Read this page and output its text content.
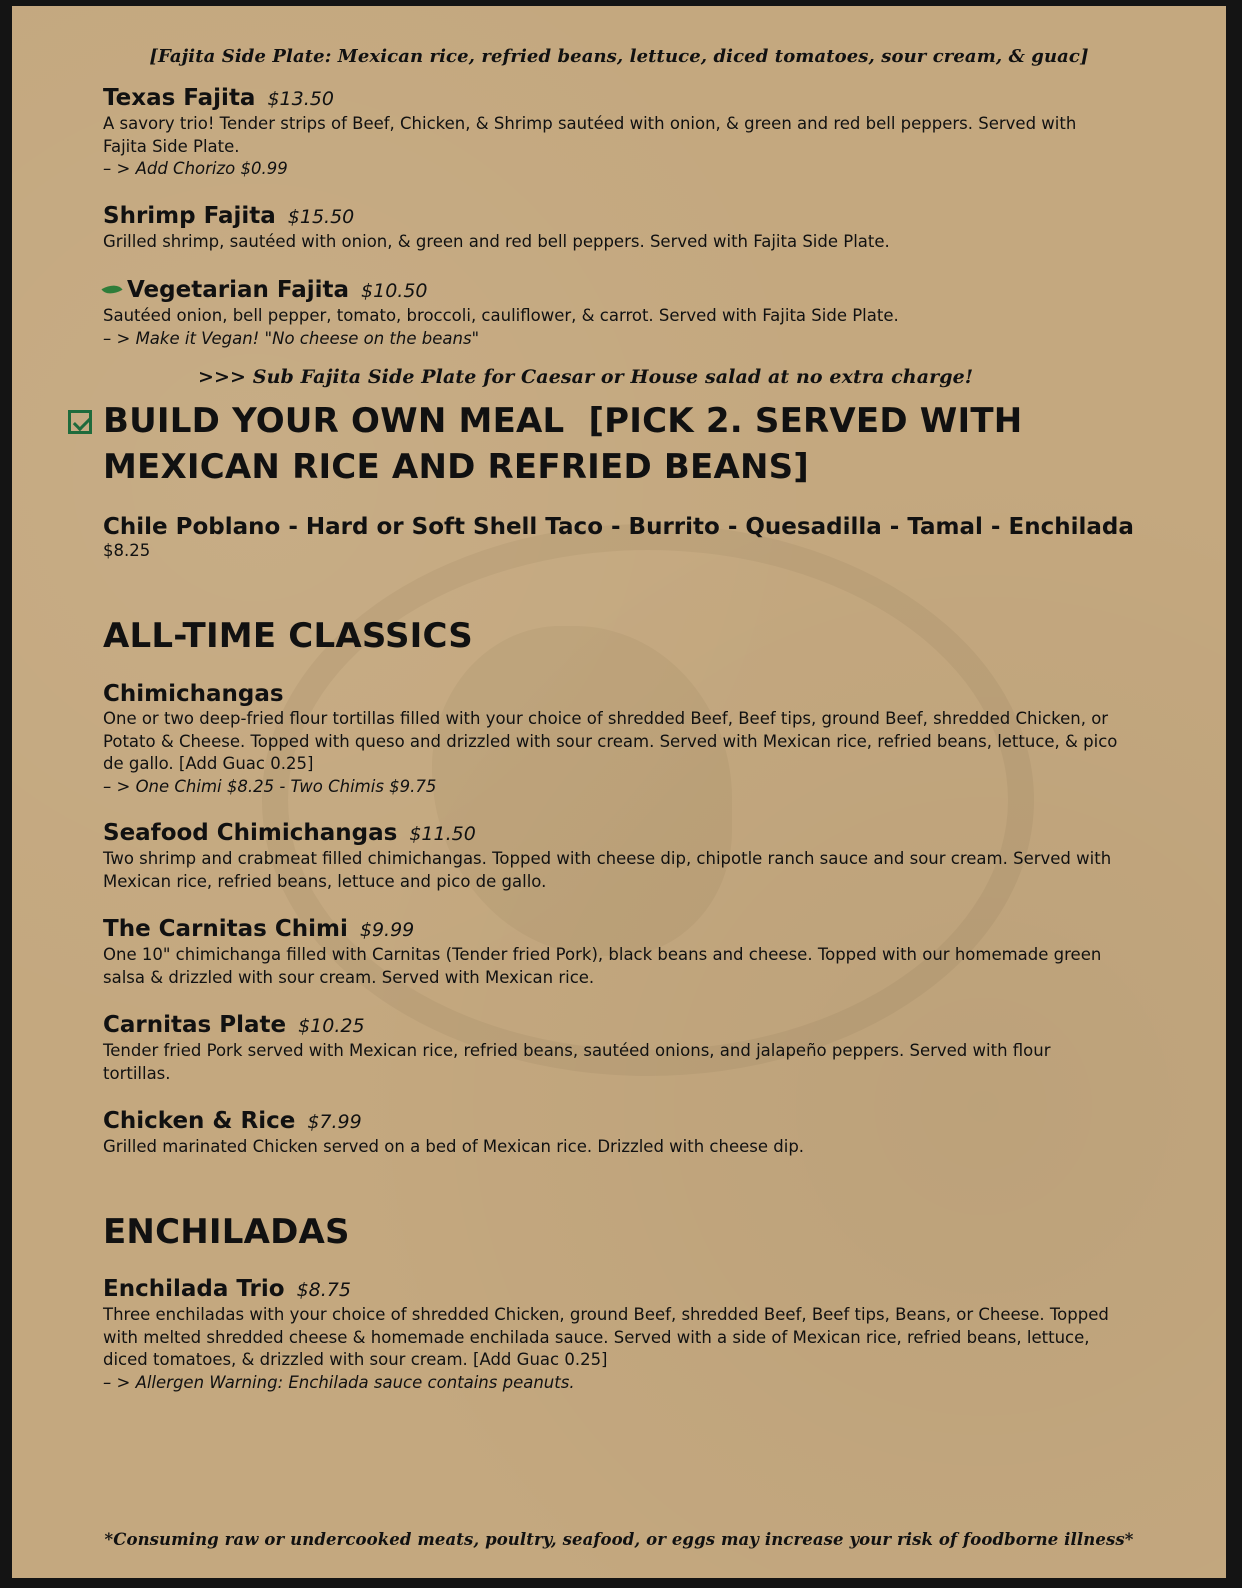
[Fajita Side Plate: Mexican rice, refried beans, lettuce, diced tomatoes, sour cream, & guac]
Texas Fajita $13.50
A savory trio! Tender strips of Beef, Chicken, & Shrimp sautéed with onion, & green and red bell peppers. Served with Fajita Side Plate.
– > Add Chorizo $0.99
Shrimp Fajita $15.50
Grilled shrimp, sautéed with onion, & green and red bell peppers. Served with Fajita Side Plate.
Vegetarian Fajita $10.50
Sautéed onion, bell pepper, tomato, broccoli, cauliflower, & carrot. Served with Fajita Side Plate.
– > Make it Vegan! "No cheese on the beans"
>>> Sub Fajita Side Plate for Caesar or House salad at no extra charge!
BUILD YOUR OWN MEAL  [PICK 2. SERVED WITH
MEXICAN RICE AND REFRIED BEANS]
Chile Poblano - Hard or Soft Shell Taco - Burrito - Quesadilla - Tamal - Enchilada
$8.25
ALL-TIME CLASSICS
Chimichangas
One or two deep-fried flour tortillas filled with your choice of shredded Beef, Beef tips, ground Beef, shredded Chicken, or Potato & Cheese. Topped with queso and drizzled with sour cream. Served with Mexican rice, refried beans, lettuce, & pico de gallo. [Add Guac 0.25]
– > One Chimi $8.25 - Two Chimis $9.75
Seafood Chimichangas $11.50
Two shrimp and crabmeat filled chimichangas. Topped with cheese dip, chipotle ranch sauce and sour cream. Served with Mexican rice, refried beans, lettuce and pico de gallo.
The Carnitas Chimi $9.99
One 10" chimichanga filled with Carnitas (Tender fried Pork), black beans and cheese. Topped with our homemade green salsa & drizzled with sour cream. Served with Mexican rice.
Carnitas Plate $10.25
Tender fried Pork served with Mexican rice, refried beans, sautéed onions, and jalapeño peppers. Served with flour tortillas.
Chicken & Rice $7.99
Grilled marinated Chicken served on a bed of Mexican rice. Drizzled with cheese dip.
ENCHILADAS
Enchilada Trio $8.75
Three enchiladas with your choice of shredded Chicken, ground Beef, shredded Beef, Beef tips, Beans, or Cheese. Topped with melted shredded cheese & homemade enchilada sauce. Served with a side of Mexican rice, refried beans, lettuce, diced tomatoes, & drizzled with sour cream. [Add Guac 0.25]
– > Allergen Warning: Enchilada sauce contains peanuts.
*Consuming raw or undercooked meats, poultry, seafood, or eggs may increase your risk of foodborne illness*
